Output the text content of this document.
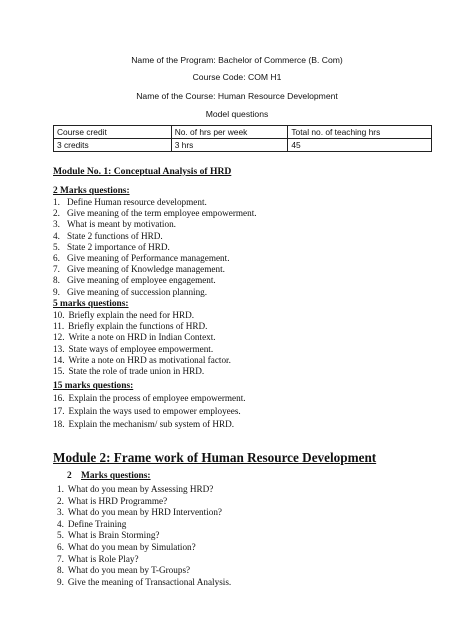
Name of the Program: Bachelor of Commerce (B. Com)
Course Code: COM H1
Name of the Course: Human Resource Development
Model questions
Course credit	No. of hrs per week	Total no. of teaching hrs
3 credits	3 hrs	45
Module No. 1: Conceptual Analysis of HRD
2 Marks questions:
1. Define Human resource development.
2. Give meaning of the term employee empowerment.
3. What is meant by motivation.
4. State 2 functions of HRD.
5. State 2 importance of HRD.
6. Give meaning of Performance management.
7. Give meaning of Knowledge management.
8. Give meaning of employee engagement.
9. Give meaning of succession planning.
5 marks questions:
10. Briefly explain the need for HRD.
11. Briefly explain the functions of HRD.
12. Write a note on HRD in Indian Context.
13. State ways of employee empowerment.
14. Write a note on HRD as motivational factor.
15. State the role of trade union in HRD.
15 marks questions:
16. Explain the process of employee empowerment.
17. Explain the ways used to empower employees.
18. Explain the mechanism/ sub system of HRD.
Module 2: Frame work of Human Resource Development
2 Marks questions:
1. What do you mean by Assessing HRD?
2. What is HRD Programme?
3. What do you mean by HRD Intervention?
4. Define Training
5. What is Brain Storming?
6. What do you mean by Simulation?
7. What is Role Play?
8. What do you mean by T-Groups?
9. Give the meaning of Transactional Analysis.
